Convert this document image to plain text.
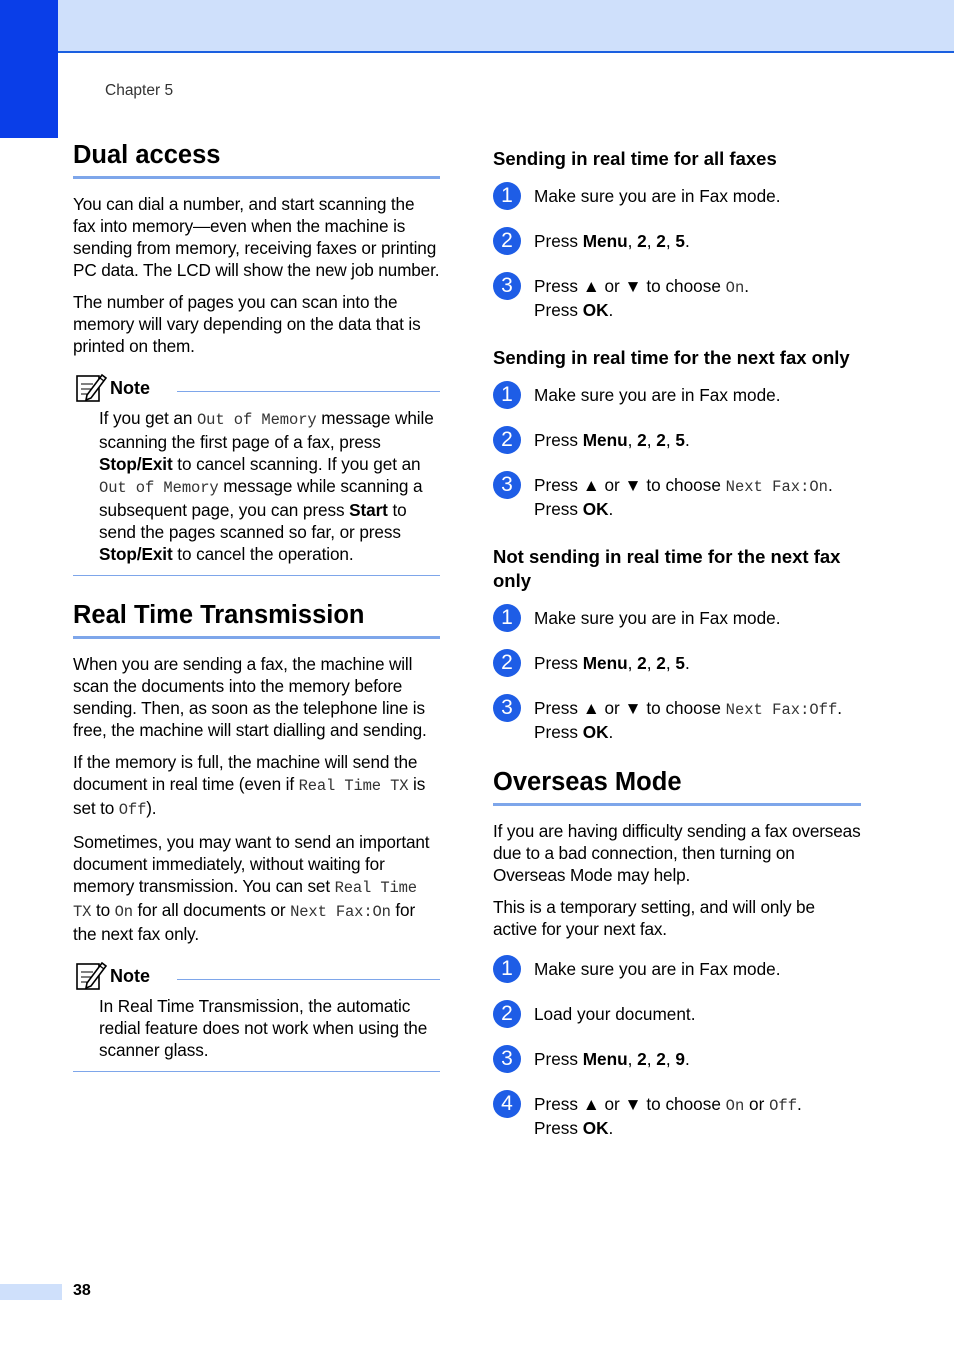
Chapter 5
Dual access

You can dial a number, and start scanning the fax into memory—even when the machine is sending from memory, receiving faxes or printing PC data. The LCD will show the new job number.

The number of pages you can scan into the memory will vary depending on the data that is printed on them.

Note
If you get an Out of Memory message while scanning the first page of a fax, press Stop/Exit to cancel scanning. If you get an Out of Memory message while scanning a subsequent page, you can press Start to send the pages scanned so far, or press Stop/Exit to cancel the operation.
Real Time Transmission

When you are sending a fax, the machine will scan the documents into the memory before sending. Then, as soon as the telephone line is free, the machine will start dialling and sending.

If the memory is full, the machine will send the document in real time (even if Real Time TX is set to Off).

Sometimes, you may want to send an important document immediately, without waiting for memory transmission. You can set Real Time TX to On for all documents or Next Fax:On for the next fax only.

Note
In Real Time Transmission, the automatic redial feature does not work when using the scanner glass.
Sending in real time for all faxes
1	Make sure you are in Fax mode.
2	Press Menu, 2, 2, 5.
3	Press ▲ or ▼ to choose On.
Press OK.
Sending in real time for the next fax only
1	Make sure you are in Fax mode.
2	Press Menu, 2, 2, 5.
3	Press ▲ or ▼ to choose Next Fax:On.
Press OK.
Not sending in real time for the next fax only
1	Make sure you are in Fax mode.
2	Press Menu, 2, 2, 5.
3	Press ▲ or ▼ to choose Next Fax:Off.
Press OK.
Overseas Mode

If you are having difficulty sending a fax overseas due to a bad connection, then turning on Overseas Mode may help.

This is a temporary setting, and will only be active for your next fax.

1	Make sure you are in Fax mode.
2	Load your document.
3	Press Menu, 2, 2, 9.
4	Press ▲ or ▼ to choose On or Off.
Press OK.
38
